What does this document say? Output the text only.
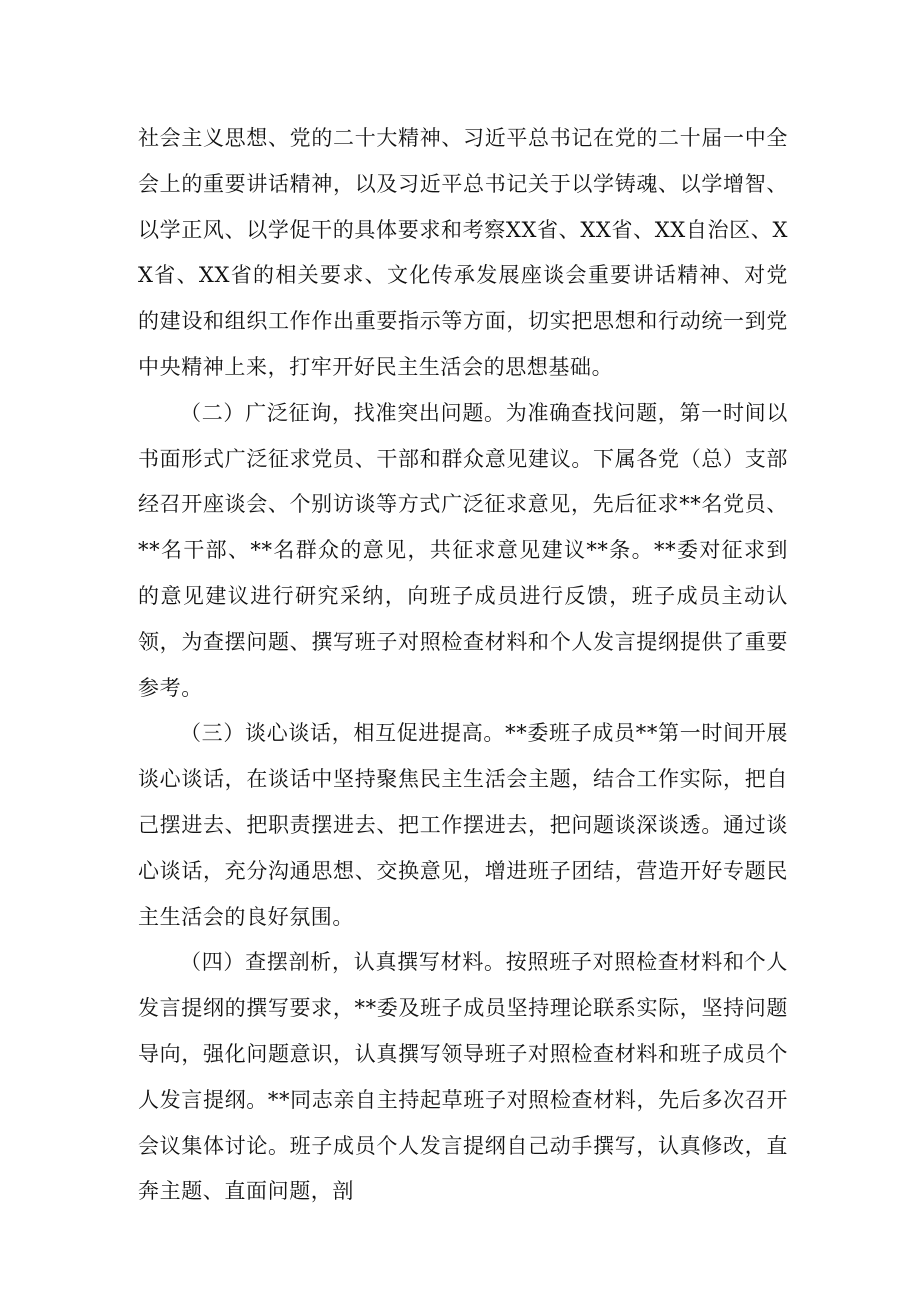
社会主义思想、党的二十大精神、习近平总书记在党的二十届一中全会上的重要讲话精神，以及习近平总书记关于以学铸魂、以学增智、以学正风、以学促干的具体要求和考察XX省、XX省、XX自治区、XX省、XX省的相关要求、文化传承发展座谈会重要讲话精神、对党的建设和组织工作作出重要指示等方面，切实把思想和行动统一到党中央精神上来，打牢开好民主生活会的思想基础。

（二）广泛征询，找准突出问题。为准确查找问题，第一时间以书面形式广泛征求党员、干部和群众意见建议。下属各党（总）支部经召开座谈会、个别访谈等方式广泛征求意见，先后征求**名党员、**名干部、**名群众的意见，共征求意见建议**条。**委对征求到的意见建议进行研究采纳，向班子成员进行反馈，班子成员主动认领，为查摆问题、撰写班子对照检查材料和个人发言提纲提供了重要参考。

（三）谈心谈话，相互促进提高。**委班子成员**第一时间开展谈心谈话，在谈话中坚持聚焦民主生活会主题，结合工作实际，把自己摆进去、把职责摆进去、把工作摆进去，把问题谈深谈透。通过谈心谈话，充分沟通思想、交换意见，增进班子团结，营造开好专题民主生活会的良好氛围。

（四）查摆剖析，认真撰写材料。按照班子对照检查材料和个人发言提纲的撰写要求，**委及班子成员坚持理论联系实际，坚持问题导向，强化问题意识，认真撰写领导班子对照检查材料和班子成员个人发言提纲。**同志亲自主持起草班子对照检查材料，先后多次召开会议集体讨论。班子成员个人发言提纲自己动手撰写，认真修改，直奔主题、直面问题，剖
